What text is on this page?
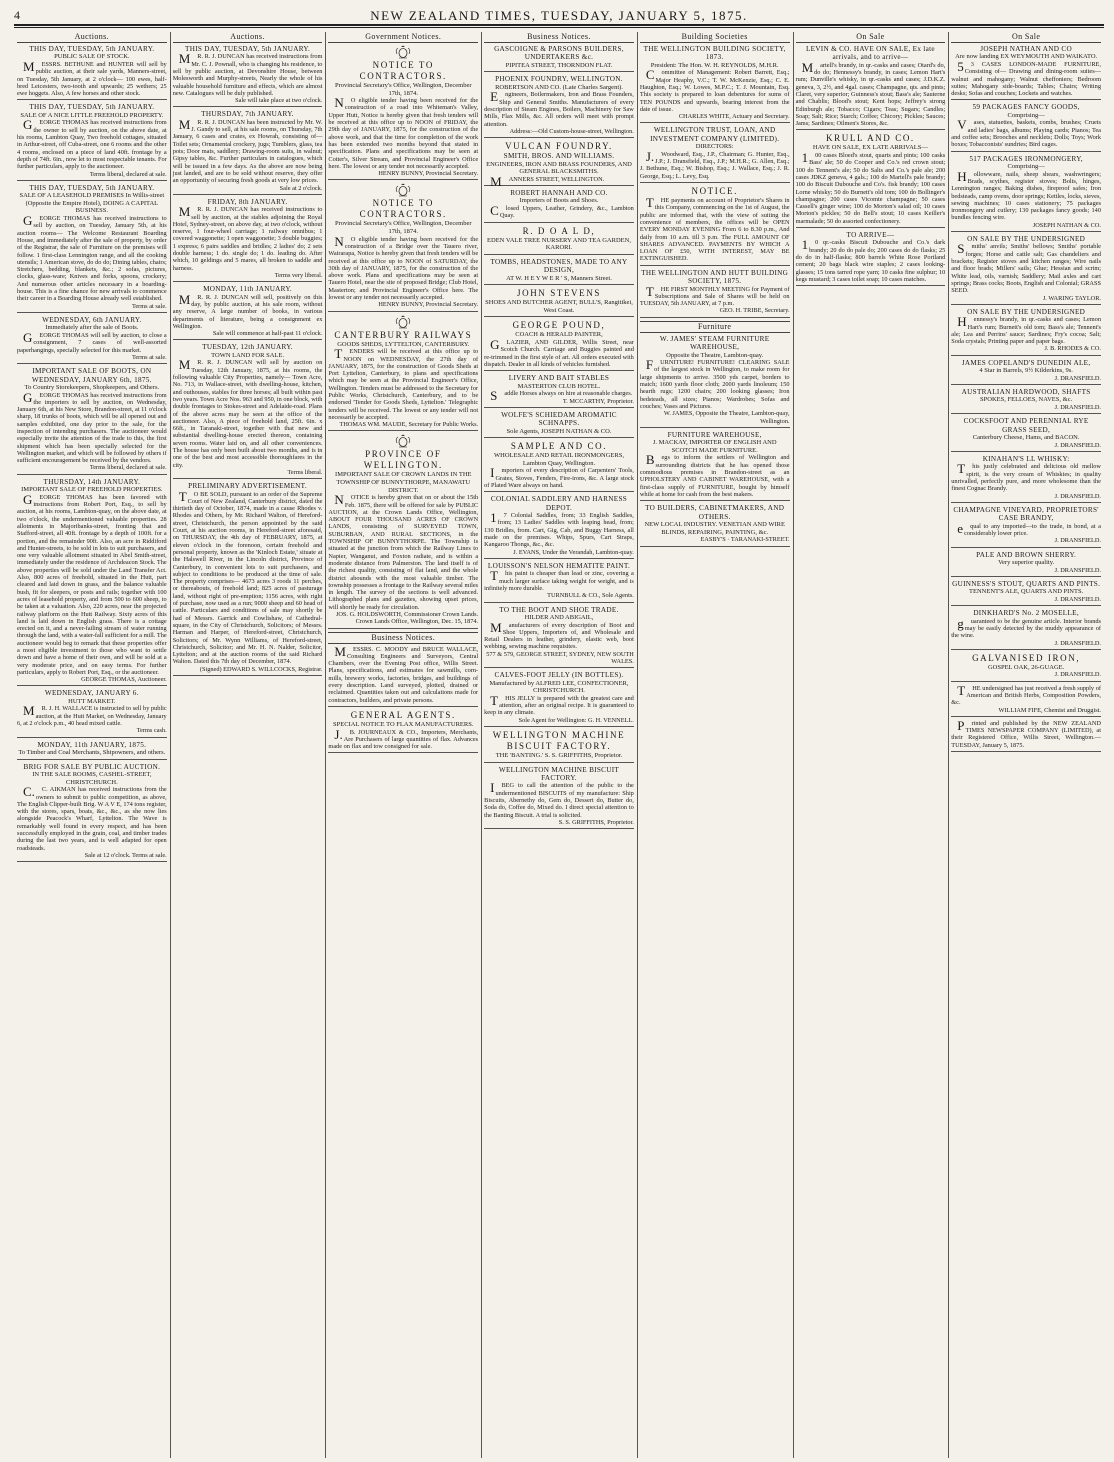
4	NEW ZEALAND TIMES, TUESDAY, JANUARY 5, 1875.
Auctions.
THIS DAY, TUESDAY, 5th JANUARY.
PUBLIC SALE OF STOCK.
MESSRS. BETHUNE and HUNTER will sell by public auction, at their sale yards, Manners-street, on Tuesday, 5th January, at 2 o'clock— 100 ewes, half-bred Leicesters, two-tooth and upwards; 25 wethers; 25 ewe hoggets. Also, A few horses and other stock.
THIS DAY, TUESDAY, 5th JANUARY.
SALE OF A NICE LITTLE FREEHOLD PROPERTY.
GEORGE THOMAS has received instructions from the owner to sell by auction, on the above date, at his rooms, Lambton Quay, Two freehold cottages, situated in Arthur-street, off Cuba-street, one 6 rooms and the other 4 rooms, enclosed on a piece of land 40ft. frontage by a depth of 74ft. 6in., now let to most respectable tenants. For further particulars, apply to the auctioneer.
Terms liberal, declared at sale.
THIS DAY, TUESDAY, 5th JANUARY.
SALE OF A LEASEHOLD PREMISES In Willis-street (Opposite the Empire Hotel), DOING A CAPITAL BUSINESS.
GEORGE THOMAS has received instructions to sell by auction, on Tuesday, January 5th, at his auction rooms— The Welcome Restaurant Boarding House, and immediately after the sale of property, by order of the Registrar, the sale of Furniture on the premises will follow. 1 first-class Lennington range, and all the cooking utensils; 1 American stove, do do do; Dining tables, chairs; Stretchers, bedding, blankets, &c.; 2 sofas, pictures, clocks, glass-ware; Knives and forks, spoons, crockery; And numerous other articles necessary in a boarding-house. This is a fine chance for new arrivals to commence their career in a Boarding House already well established.
Terms at sale.
WEDNESDAY, 6th JANUARY.
Immediately after the sale of Boots.
GEORGE THOMAS will sell by auction, to close a consignment, 7 cases of well-assorted paperhangings, specially selected for this market.
Terms at sale.
IMPORTANT SALE OF BOOTS, ON WEDNESDAY, JANUARY 6th, 1875.
To Country Storekeepers, Shopkeepers, and Others.
GEORGE THOMAS has received instructions from the importers to sell by auction, on Wednesday, January 6th, at his New Store, Brandon-street, at 11 o'clock sharp, 18 trunks of boots, which will be all opened out and samples exhibited, one day prior to the sale, for the inspection of intending purchasers. The auctioneer would especially invite the attention of the trade to this, the first shipment which has been specially selected for the Wellington market, and which will be followed by others if sufficient encouragement be received by the vendors.
Terms liberal, declared at sale.
THURSDAY, 14th JANUARY.
IMPORTANT SALE OF FREEHOLD PROPERTIES.
GEORGE THOMAS has been favored with instructions from Robert Port, Esq., to sell by auction, at his rooms, Lambton-quay, on the above date, at two o'clock, the undermentioned valuable properties. 28 allotments in Majoribanks-street, fronting that and Stafford-street, all 40ft. frontage by a depth of 100ft. for a portion, and the remainder 90ft. Also, an acre in Riddiford and Hunter-streets, to be sold in lots to suit purchasers, and one very valuable allotment situated in Abel Smith-street, immediately under the residence of Archdeacon Stock. The above properties will be sold under the Land Transfer Act. Also, 800 acres of freehold, situated in the Hutt, part cleared and laid down in grass, and the balance valuable bush, fit for sleepers, or posts and rails; together with 100 acres of leasehold property, and from 500 to 600 sheep, to be taken at a valuation. Also, 220 acres, near the projected railway platform on the Hutt Railway. Sixty acres of this land is laid down in English grass. There is a cottage erected on it, and a never-failing stream of water running through the land, with a water-fall sufficient for a mill. The auctioneer would beg to remark that these properties offer a most eligible investment to those who want to settle down and have a home of their own, and will be sold at a very moderate price, and on easy terms. For further particulars, apply to Robert Port, Esq., or the auctioneer.
GEORGE THOMAS, Auctioneer.
WEDNESDAY, JANUARY 6.
HUTT MARKET.
MR. J. H. WALLACE is instructed to sell by public auction, at the Hutt Market, on Wednesday, January 6, at 2 o'clock p.m., 40 head mixed cattle.
Terms cash.
MONDAY, 11th JANUARY, 1875.
To Timber and Coal Merchants, Shipowners, and others.
BRIG FOR SALE BY PUBLIC AUCTION.
IN THE SALE ROOMS, CASHEL-STREET, CHRISTCHURCH.
C.C. AIKMAN has received instructions from the owners to submit to public competition, as above, The English Clipper-built Brig. W A V E, 174 tons register, with the stores, spars, boats, &c., &c., as she now lies alongside Peacock's Wharf, Lyttelton. The Wave is remarkably well found in every respect, and has been successfully employed in the grain, coal, and timber trades during the last two years, and is well adapted for open roadsteads.
Sale at 12 o'clock. Terms at sale.
Auctions.
THIS DAY, TUESDAY, 5th JANUARY.
MR. R. J. DUNCAN has received instructions from Mr. C. J. Pownall, who is changing his residence, to sell by public auction, at Devonshire House, between Molesworth and Murphy-streets, Nearly the whole of his valuable household furniture and effects, which are almost new. Catalogues will be duly published.
Sale will take place at two o'clock.
THURSDAY, 7th JANUARY.
MR. R. J. DUNCAN has been instructed by Mr. W. J. Gandy to sell, at his sale rooms, on Thursday, 7th January, 6 cases and crates, ex Howrah, consisting of— Toilet sets; Ornamental crockery, jugs; Tumblers, glass, tea pots; Door mats, saddlery; Drawing-room suits, in walnut; Gipsy tables, &c. Further particulars in catalogues, which will be issued in a few days. As the above are now being just landed, and are to be sold without reserve, they offer an opportunity of securing fresh goods at very low prices.
Sale at 2 o'clock.
FRIDAY, 8th JANUARY.
MR. R. J. DUNCAN has received instructions to sell by auction, at the stables adjoining the Royal Hotel, Sydney-street, on above day, at two o'clock, without reserve, 1 four-wheel carriage; 1 railway omnibus; 1 covered waggonette; 1 open waggonette; 3 double buggies; 1 express; 6 pairs saddles and bridles; 2 ladies' do; 2 sets double harness; 1 do. single do; 1 do. leading do. After which, 10 geldings and 5 mares, all broken to saddle and harness.
Terms very liberal.
MONDAY, 11th JANUARY.
MR. R. J. DUNCAN will sell, positively on this day, by public auction, at his sale room, without any reserve, A large number of books, in various departments of literature, being a consignment ex Wellington.
Sale will commence at half-past 11 o'clock.
TUESDAY, 12th JANUARY.
TOWN LAND FOR SALE.
MR. R. J. DUNCAN will sell by auction on Tuesday, 12th January, 1875, at his rooms, the following valuable City Properties, namely— Town Acre, No. 713, in Wallace-street, with dwelling-house, kitchen, and outhouses, stables for three horses; all built within past two years. Town Acre Nos. 963 and 950, in one block, with double frontages to Stokes-street and Adelaide-road. Plans of the above acres may be seen at the office of the auctioneer. Also, A piece of freehold land, 25ft. 6in. x 66ft., in Taranaki-street, together with that new and substantial dwelling-house erected thereon, containing seven rooms. Water laid on, and all other conveniences. The house has only been built about two months, and is in one of the best and most accessible thoroughfares in the city.
Terms liberal.
PRELIMINARY ADVERTISEMENT.
TO BE SOLD, pursuant to an order of the Supreme Court of New Zealand, Canterbury district, dated the thirtieth day of October, 1874, made in a cause Rhodes v. Rhodes and Others, by Mr. Richard Walton, of Hereford-street, Christchurch, the person appointed by the said Court, at his auction rooms, in Hereford-street aforesaid, on THURSDAY, the 4th day of FEBRUARY, 1875, at eleven o'clock in the forenoon, certain freehold and personal property, known as the 'Kinloch Estate,' situate at the Halswell River, in the Lincoln district, Province of Canterbury, in convenient lots to suit purchasers, and subject to conditions to be produced at the time of sale. The property comprises— 4673 acres 3 roods 11 perches, or thereabouts, of freehold land; 825 acres of pasturage land, without right of pre-emption; 1156 acres, with right of purchase, now used as a run; 9000 sheep and 60 head of cattle. Particulars and conditions of sale may shortly be had of Messrs. Garrick and Cowlishaw, of Cathedral-square, in the City of Christchurch, Solicitors; of Messrs. Harman and Harper, of Hereford-street, Christchurch, Solicitors; of Mr. Wynn Williams, of Hereford-street, Christchurch, Solicitor; and Mr. H. N. Nalder, Solicitor, Lyttelton; and at the auction rooms of the said Richard Walton. Dated this 7th day of December, 1874.
(Signed) EDWARD S. WILLCOCKS, Registrar.
Government Notices.
NOTICE TO CONTRACTORS.
Provincial Secretary's Office, Wellington, December 17th, 1874.
NO eligible tender having been received for the construction of a road into Whiteman's Valley, Upper Hutt, Notice is hereby given that fresh tenders will be received at this office up to NOON of FRIDAY, the 29th day of JANUARY, 1875, for the construction of the above work, and that the time for completion of the work has been extended two months beyond that stated in specification. Plans and specifications may be seen at Cotter's, Silver Stream, and Provincial Engineer's Office here. The lowest or any tender not necessarily accepted.
HENRY BUNNY, Provincial Secretary.
NOTICE TO CONTRACTORS.
Provincial Secretary's Office, Wellington, December 17th, 1874.
NO eligible tender having been received for the construction of a Bridge over the Tauero river, Wairarapa, Notice is hereby given that fresh tenders will be received at this office up to NOON of SATURDAY, the 30th day of JANUARY, 1875, for the construction of the above work. Plans and specifications may be seen at Tauero Hotel, near the site of proposed Bridge; Club Hotel, Masterton; and Provincial Engineer's Office here. The lowest or any tender not necessarily accepted.
HENRY BUNNY, Provincial Secretary.
CANTERBURY RAILWAYS
GOODS SHEDS, LYTTELTON, CANTERBURY.
TENDERS will be received at this office up to NOON on WEDNESDAY, the 27th day of JANUARY, 1875, for the construction of Goods Sheds at Port Lyttelton, Canterbury, to plans and specifications which may be seen at the Provincial Engineer's Office, Wellington. Tenders must be addressed to the Secretary for Public Works, Christchurch, Canterbury, and to be endorsed 'Tender for Goods Sheds, Lyttelton.' Telegraphic tenders will be received. The lowest or any tender will not necessarily be accepted.
THOMAS WM. MAUDE, Secretary for Public Works.
PROVINCE OF WELLINGTON.
IMPORTANT SALE OF CROWN LANDS IN THE TOWNSHIP OF BUNNYTHORPE, MANAWATU DISTRICT.
NOTICE is hereby given that on or about the 15th Feb. 1875, there will be offered for sale by PUBLIC AUCTION, at the Crown Lands Office, Wellington, ABOUT FOUR THOUSAND ACRES OF CROWN LANDS, consisting of SURVEYED TOWN, SUBURBAN, AND RURAL SECTIONS, in the TOWNSHIP OF BUNNYTHORPE. The Township is situated at the junction from which the Railway Lines to Napier, Wanganui, and Foxton radiate, and is within a moderate distance from Palmerston. The land itself is of the richest quality, consisting of flat land, and the whole district abounds with the most valuable timber. The township possesses a frontage to the Railway several miles in length. The survey of the sections is well advanced. Lithographed plans and gazettes, showing upset prices, will shortly be ready for circulation.
JOS. G. HOLDSWORTH, Commissioner Crown Lands. Crown Lands Office, Wellington, Dec. 15, 1874.
Business Notices.
MESSRS. C. MOODY and BRUCE WALLACE, Consulting Engineers and Surveyors, Central Chambers, over the Evening Post office, Willis Street. Plans, specifications, and estimates for sawmills, corn-mills, brewery works, factories, bridges, and buildings of every description. Land surveyed, plotted, drained or reclaimed. Quantities taken out and calculations made for contractors, builders, and private persons.
GENERAL AGENTS.
SPECIAL NOTICE TO FLAX MANUFACTURERS.
J.B. JOURNEAUX & CO., Importers, Merchants, Are Purchasers of large quantities of flax. Advances made on flax and tow consigned for sale.
Business Notices.
GASCOIGNE & PARSONS BUILDERS, UNDERTAKERS &c.
PIPITEA STREET, THORNDON FLAT.
PHOENIX FOUNDRY, WELLINGTON.
ROBERTSON AND CO. (Late Charles Sargent).
Engineers, Boilermakers, Iron and Brass Founders, Ship and General Smiths. Manufacturers of every description of Steam Engines, Boilers, Machinery for Saw Mills, Flax Mills, &c. All orders will meet with prompt attention.
Address:—Old Custom-house-street, Wellington.
VULCAN FOUNDRY.
SMITH, BROS. AND WILLIAMS.
ENGINEERS, IRON AND BRASS FOUNDERS, AND GENERAL BLACKSMITHS.
MANNERS STREET, WELLINGTON.
ROBERT HANNAH AND CO.
Importers of Boots and Shoes.
Closed Uppers, Leather, Grindery, &c., Lambton Quay.
R. D O A L D,
EDEN VALE TREE NURSERY AND TEA GARDEN, KARORI.
TOMBS, HEADSTONES, MADE TO ANY DESIGN,
AT W. H E Y W E R ' S, Manners Street.
JOHN STEVENS
SHOES AND BUTCHER AGENT, BULL'S, Rangitikei, West Coast.
GEORGE POUND,
COACH & HERALD PAINTER,
GLAZIER, AND GILDER, Willis Street, near Scotch Church. Carriage and Buggies painted and re-trimmed in the first style of art. All orders executed with dispatch. Dealer in all kinds of vehicles furnished.
LIVERY AND BAIT STABLES
MASTERTON CLUB HOTEL.
Saddle Horses always on hire at reasonable charges.
T. MCCARTHY, Proprietor.
WOLFE'S SCHIEDAM AROMATIC SCHNAPPS.
Sole Agents, JOSEPH NATHAN & CO.
SAMPLE AND CO.
WHOLESALE AND RETAIL IRONMONGERS, Lambton Quay, Wellington.
Importers of every description of Carpenters' Tools, Grates, Stoves, Fenders, Fire-irons, &c. A large stock of Plated Ware always on hand.
COLONIAL SADDLERY AND HARNESS DEPOT.
17 Colonial Saddles, from; 33 English Saddles, from; 13 Ladies' Saddles with leaping head, from; 130 Bridles, from. Cart, Gig, Cab, and Buggy Harness, all made on the premises. Whips, Spurs, Cart Straps, Kangaroo Thongs, &c., &c.
J. EVANS, Under the Verandah, Lambton-quay.
LOUISSON'S NELSON HEMATITE PAINT.
This paint is cheaper than lead or zinc, covering a much larger surface taking weight for weight, and is infinitely more durable.
TURNBULL & CO., Sole Agents.
TO THE BOOT AND SHOE TRADE.
HILDER AND ABIGAIL,
Manufacturers of every description of Boot and Shoe Uppers, Importers of, and Wholesale and Retail Dealers in leather, grindery, elastic web, boot webbing, sewing machine requisites.
577 & 579, GEORGE STREET, SYDNEY, NEW SOUTH WALES.
CALVES-FOOT JELLY (IN BOTTLES).
Manufactured by ALFRED LEE, CONFECTIONER, CHRISTCHURCH.
THIS JELLY is prepared with the greatest care and attention, after an original recipe. It is guaranteed to keep in any climate.
Sole Agent for Wellington: G. H. VENNELL.
WELLINGTON MACHINE BISCUIT FACTORY.
THE 'BANTING.' S. S. GRIFFITHS, Proprietor.
WELLINGTON MACHINE BISCUIT FACTORY.
IBEG to call the attention of the public to the undermentioned BISCUITS of my manufacture: Ship Biscuits, Abernethy do, Gem do, Dessert do, Butter do, Soda do, Coffee do, Mixed do. I direct special attention to the Banting Biscuit. A trial is solicited.
S. S. GRIFFITHS, Proprietor.
Building Societies
THE WELLINGTON BUILDING SOCIETY, 1873.
President: The Hon. W. H. REYNOLDS, M.H.R.
Committee of Management: Robert Barrett, Esq.; Major Heaphy, V.C.; T. W. McKenzie, Esq.; C. E. Haughton, Esq.; W. Lowes, M.P.C.; T. J. Mountain, Esq. This society is prepared to loan debentures for sums of TEN POUNDS and upwards, bearing interest from the date of issue.
CHARLES WHITE, Actuary and Secretary.
WELLINGTON TRUST, LOAN, AND INVESTMENT COMPANY (LIMITED).
DIRECTORS:
J.Woodward, Esq., J.P., Chairman; G. Hunter, Esq., J.P.; J. Dransfield, Esq., J.P.; M.H.R.; G. Allen, Esq.; J. Bethune, Esq.; W. Bishop, Esq.; J. Wallace, Esq.; J. R. George, Esq.; L. Levy, Esq.
NOTICE.
THE payments on account of Proprietor's Shares in this Company, commencing on the 1st of August, the public are informed that, with the view of suiting the convenience of members, the offices will be OPEN EVERY MONDAY EVENING From 6 to 8.30 p.m., And daily from 10 a.m. till 3 p.m. The FULL AMOUNT OF SHARES ADVANCED. PAYMENTS BY WHICH A LOAN OF £50, WITH INTEREST, MAY BE EXTINGUISHED.
THE WELLINGTON AND HUTT BUILDING SOCIETY, 1875.
THE FIRST MONTHLY MEETING for Payment of Subscriptions and Sale of Shares will be held on TUESDAY, 5th JANUARY, at 7 p.m.
GEO. H. TRIBE, Secretary.
Furniture
W. JAMES' STEAM FURNITURE WAREHOUSE,
Opposite the Theatre, Lambton-quay.
FURNITURE! FURNITURE! CLEARING SALE of the largest stock in Wellington, to make room for large shipments to arrive. 3500 yds carpet, borders to match; 1600 yards floor cloth; 2000 yards linoleum; 150 hearth rugs; 1200 chairs; 200 looking glasses; Iron bedsteads, all sizes; Pianos; Wardrobes; Sofas and couches; Vases and Pictures.
W. JAMES, Opposite the Theatre, Lambton-quay, Wellington.
FURNITURE WAREHOUSE,
J. MACKAY, IMPORTER OF ENGLISH AND SCOTCH MADE FURNITURE.
Begs to inform the settlers of Wellington and surrounding districts that he has opened those commodious premises in Brandon-street as an UPHOLSTERY AND CABINET WAREHOUSE, with a first-class supply of FURNITURE, bought by himself while at home for cash from the best makers.
TO BUILDERS, CABINETMAKERS, AND OTHERS.
NEW LOCAL INDUSTRY. VENETIAN AND WIRE BLINDS, REPAIRING, PAINTING, &c.
EASBY'S · TARANAKI-STREET.
On Sale
LEVIN & CO. HAVE ON SALE, Ex late arrivals, and to arrive—
Martell's brandy, in qr.-casks and cases; Otard's do, do do; Hennessy's brandy, in cases; Lemon Hart's rum; Dunville's whisky, in qr.-casks and cases; J.D.K.Z. geneva, 3, 2½, and 4gal. cases; Champagne, qts. and pints; Claret, very superior; Guinness's stout; Bass's ale; Sauterne and Chablis; Blood's stout; Kent hops; Jeffrey's strong Edinburgh ale; Tobacco; Cigars; Teas; Sugars; Candles; Soap; Salt; Rice; Starch; Coffee; Chicory; Pickles; Sauces; Jams; Sardines; Oilmen's Stores, &c.
KRULL AND CO.
HAVE ON SALE, EX LATE ARRIVALS—
100 cases Bloed's stout, quarts and pints; 100 casks Bass' ale; 50 do Cooper and Co.'s red crown stout; 100 do Tennent's ale; 50 do Salts and Co.'s pale ale; 200 cases JDKZ geneva, 4 gals.; 100 do Martell's pale brandy; 100 do Biscuit Dubouche and Co's. fisk brandy; 100 cases Lorne whisky; 50 do Burnett's old tom; 100 do Bollinger's champagne; 200 cases Vicomte champagne; 50 cases Cassell's ginger wine; 100 do Morton's salad oil; 10 cases Morton's pickles; 50 do Bell's stout; 10 cases Keiller's marmalade; 50 do assorted confectionery.
TO ARRIVE—
10 qr.-casks Biscuit Dubouche and Co.'s dark brandy; 20 do do pale do; 200 cases do do flasks; 25 do do in half-flasks; 800 barrels White Rose Portland cement; 20 bags black wire staples; 2 cases looking-glasses; 15 tons tarred rope yarn; 10 casks fine sulphur; 10 kegs mustard; 3 cases toilet soap; 10 cases matches.
On Sale
JOSEPH NATHAN AND CO
Are now landing EX WEYMOUTH AND WAIKATO.
53 CASES LONDON-MADE FURNITURE, Consisting of— Drawing and dining-room suites—walnut and mahogany; Walnut cheffoniers; Bedroom suites; Mahogany side-boards; Tables; Chairs; Writing desks; Sofas and couches; Lockets and watches.
59 PACKAGES FANCY GOODS,
Comprising—
Vases, statuettes, baskets, combs, brushes; Cruets and ladies' bags, albums; Playing cards; Pianos; Tea and coffee sets; Brooches and necklets; Dolls; Toys; Work boxes; Tobacconists' sundries; Bird cages.
517 PACKAGES IRONMONGERY,
Comprising—
Hollowware, nails, sheep shears, washwringers; Brads, scythes, register stoves; Bolts, hinges, Lennington ranges; Baking dishes, fireproof safes; Iron bedsteads, camp ovens, door springs; Kettles, locks, sieves, sewing machines; 10 cases stationery; 75 packages ironmongery and cutlery; 130 packages fancy goods; 140 bundles fencing wire.
JOSEPH NATHAN & CO.
ON SALE BY THE UNDERSIGNED
Smiths' anvils; Smiths' bellows; Smiths' portable forges; Horse and cattle salt; Gas chandeliers and brackets; Register stoves and kitchen ranges; Wire nails and floor brads; Millers' sails; Glue; Hessian and scrim; White lead, oils, varnish; Saddlery; Mail axles and cart springs; Brass cocks; Boots, English and Colonial; GRASS SEED.
J. WARING TAYLOR.
ON SALE BY THE UNDERSIGNED
Hennessy's brandy, in qr.-casks and cases; Lemon Hart's rum; Burnett's old tom; Bass's ale; Tennent's ale; Lea and Perrins' sauce; Sardines; Fry's cocoa; Salt; Soda crystals; Printing paper and paper bags.
J. B. RHODES & CO.
JAMES COPELAND'S DUNEDIN ALE,
4 Star in Barrels, 9½ Kilderkins, 9s.
J. DRANSFIELD.
AUSTRALIAN HARDWOOD, SHAFTS
SPOKES, FELLOES, NAVES, &c.
J. DRANSFIELD.
COCKSFOOT AND PERENNIAL RYE GRASS SEED,
Canterbury Cheese, Hams, and BACON.
J. DRANSFIELD.
KINAHAN'S LL WHISKY:
This justly celebrated and delicious old mellow spirit, is the very cream of Whiskies; in quality unrivalled, perfectly pure, and more wholesome than the finest Cognac Brandy.
J. DRANSFIELD.
CHAMPAGNE VINEYARD, PROPRIETORS' CASE BRANDY,
equal to any imported—to the trade, in bond, at a considerably lower price.
J. DRANSFIELD.
PALE AND BROWN SHERRY.
Very superior quality.
J. DRANSFIELD.
GUINNESS'S STOUT, QUARTS AND PINTS.
TENNENT'S ALE, QUARTS AND PINTS.
J. DRANSFIELD.
DINKHARD'S No. 2 MOSELLE,
guaranteed to be the genuine article. Interior brands may be easily detected by the muddy appearance of the wine.
J. DRANSFIELD.
GALVANISED IRON,
GOSPEL OAK, 26-GUAGE.
J. DRANSFIELD.
THE undersigned has just received a fresh supply of American and British Herbs, Composition Powders, &c.
WILLIAM FIFE, Chemist and Druggist.
Printed and published by the NEW ZEALAND TIMES NEWSPAPER COMPANY (LIMITED), at their Registered Office, Willis Street, Wellington.—TUESDAY, January 5, 1875.
